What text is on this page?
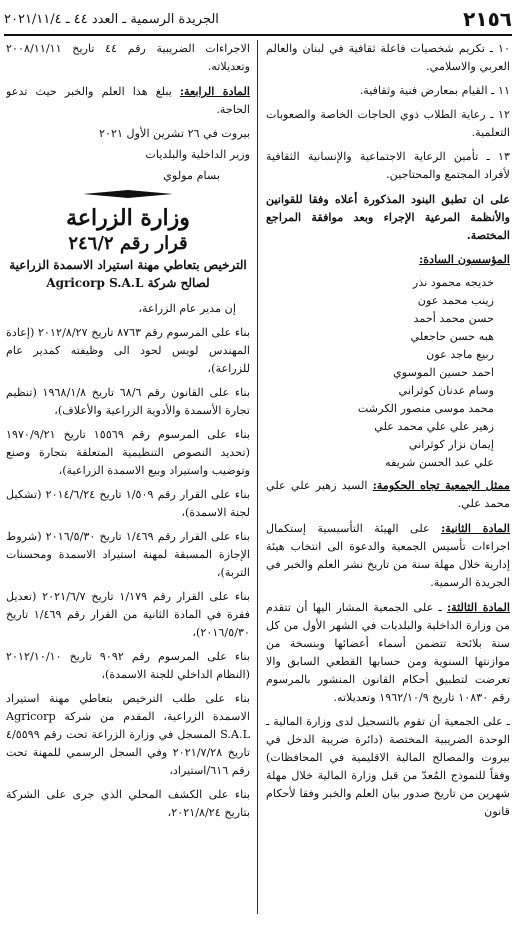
٢١٥٦
الجريدة الرسمية ـ العدد ٤٤ ـ ٢٠٢١/١١/٤

١٠ ـ تكريم شخصيات فاعلة ثقافية في لبنان والعالم العربي والاسلامي.

١١ ـ القيام بمعارض فنية وثقافية.

١٢ ـ رعاية الطلاب ذوي الحاجات الخاصة والصعوبات التعلمية.

١٣ ـ تأمين الرعاية الاجتماعية والإنسانية الثقافية لأفراد المجتمع والمحتاجين.

على ان تطبق البنود المذكورة أعلاه وفقا للقوانين والأنظمة المرعية الإجراء وبعد موافقة المراجع المختصة.

المؤسسون السادة:

خديجه محمود نذر

زينب محمد عون

حسن محمد أحمد

هبه حسن حاجعلي

ربيع ماجد عون

احمد حسين الموسوي

وسام عدنان كوثراني

محمد موسى منصور الكرشت

زهير علي علي محمد علي

إيمان نزار كوثراني

علي عبد الحسن شريفه

ممثل الجمعية تجاه الحكومة: السيد زهير علي علي محمد علي.

المادة الثانية: على الهيئة التأسيسية إستكمال اجراءات تأسيس الجمعية والدعوة الى انتخاب هيئة إدارية خلال مهلة سنة من تاريخ نشر العلم والخبر في الجريدة الرسمية.

المادة الثالثة: ـ على الجمعية المشار اليها أن تتقدم من وزارة الداخلية والبلديات في الشهر الأول من كل سنة بلائحة تتضمن أسماء أعضائها وبنسخة من موازنتها السنوية ومن حسابها القطعي السابق والا تعرضت لتطبيق أحكام القانون المنشور بالمرسوم رقم ١٠٨٣٠ تاريخ ١٩٦٢/١٠/٩ وتعديلاته.

ـ على الجمعية أن تقوم بالتسجيل لدى وزارة المالية ـ الوحدة الضريبية المختصة (دائرة ضريبة الدخل في بيروت والمصالح المالية الاقليمية في المحافظات) وفقاً للنموذج المُعدّ من قبل وزارة المالية خلال مهلة شهرين من تاريخ صدور بيان العلم والخبر وفقا لأحكام قانون

الاجراءات الضريبية رقم ٤٤ تاريخ ٢٠٠٨/١١/١١ وتعديلاته.

المادة الرابعة: يبلغ هذا العلم والخبر حيث تدعو الحاجة.

بيروت في ٢٦ تشرين الأول ٢٠٢١

وزير الداخلية والبلديات

بسام مولوي

وزارة الزراعة
قرار رقم ٢٤٦/٢
الترخيص بتعاطي مهنة استيراد الاسمدة الزراعية
لصالح شركة Agricorp S.A.L

إن مدير عام الزراعة،

بناء على المرسوم رقم ٨٧٦٣ تاريخ ٢٠١٢/٨/٢٧ (إعادة المهندس لويس لحود الى وظيفته كمدير عام للزراعة)،

بناء على القانون رقم ٦٨/٦ تاريخ ١٩٦٨/١/٨ (تنظيم تجارة الأسمدة والأدوية الزراعية والأعلاف)،

بناء على المرسوم رقم ١٥٥٦٩ تاريخ ١٩٧٠/٩/٢١ (تحديد النصوص التنظيمية المتعلقة بتجارة وصنع وتوضيب واستيراد وبيع الاسمدة الزراعية)،

بناء على القرار رقم ١/٥٠٩ تاريخ ٢٠١٤/٦/٢٤ (تشكيل لجنة الاسمدة)،

بناء على القرار رقم ١/٤٦٩ تاريخ ٢٠١٦/٥/٣٠ (شروط الإجازة المسبقة لمهنة استيراد الاسمدة ومحسنات التربة)،

بناء على القرار رقم ١/١٧٩ تاريخ ٢٠٢١/٦/٧ (تعديل فقرة في المادة الثانية من القرار رقم ١/٤٦٩ تاريخ ٢٠١٦/٥/٣٠)،

بناء على المرسوم رقم ٩٠٩٢ تاريخ ٢٠١٢/١٠/١٠ (النظام الداخلي للجنة الاسمدة)،

بناء على طلب الترخيص بتعاطي مهنة استيراد الاسمدة الزراعية، المقدم من شركة Agricorp S.A.L المسجل في وزارة الزراعة تحت رقم ٤/٥٥٩٩ تاريخ ٢٠٢١/٧/٢٨ وفي السجل الرسمي للمهنة تحت رقم ٦١٦/استيراد،

بناء على الكشف المحلي الذي جرى على الشركة بتاريخ ٢٠٢١/٨/٢٤،
